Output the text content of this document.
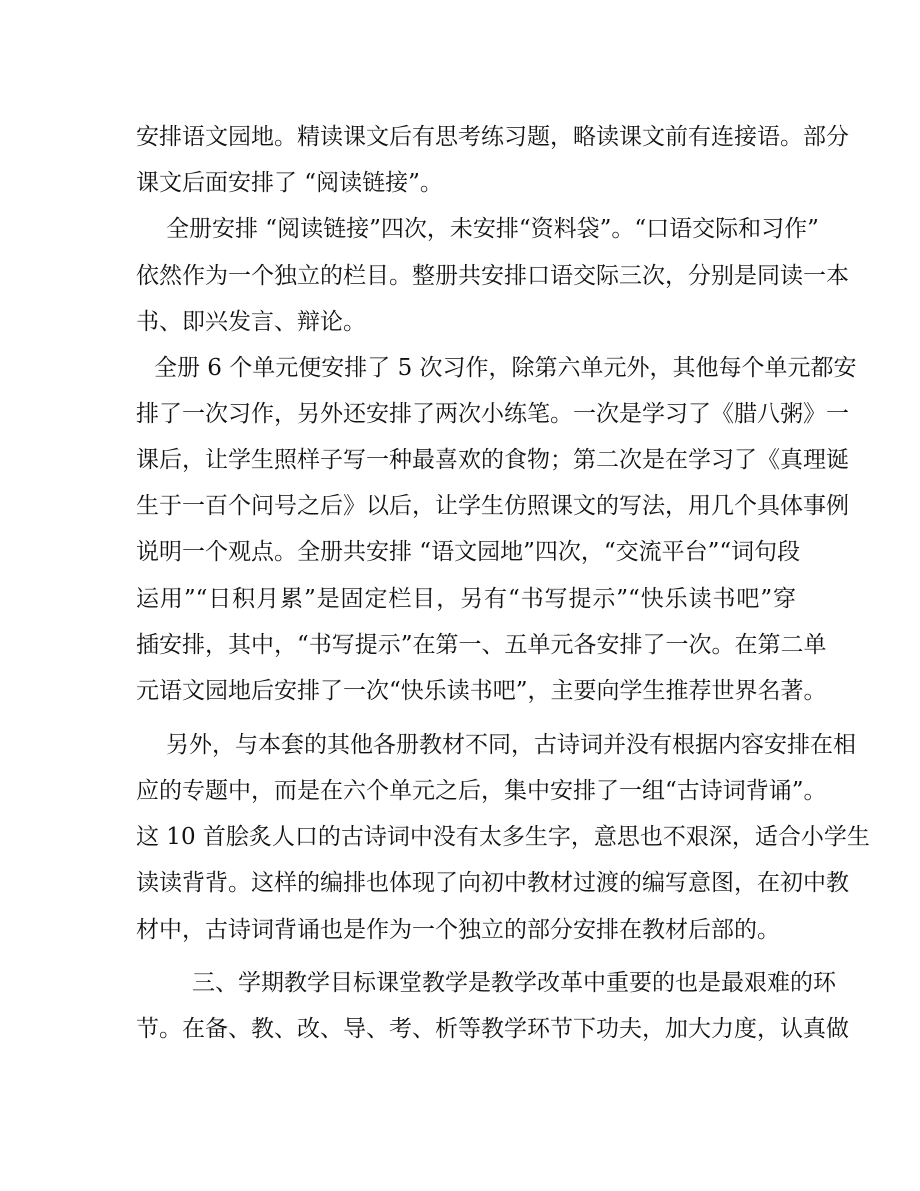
安排语文园地。精读课文后有思考练习题，略读课文前有连接语。部分
课文后面安排了 “阅读链接”。
全册安排 “阅读链接”四次，未安排“资料袋”。“口语交际和习作”
依然作为一个独立的栏目。整册共安排口语交际三次，分别是同读一本
书、即兴发言、辩论。
全册 6 个单元便安排了 5 次习作，除第六单元外，其他每个单元都安
排了一次习作，另外还安排了两次小练笔。一次是学习了《腊八粥》一
课后，让学生照样子写一种最喜欢的食物；第二次是在学习了《真理诞
生于一百个问号之后》以后，让学生仿照课文的写法，用几个具体事例
说明一个观点。全册共安排 “语文园地”四次，“交流平台”“词句段
运用”“日积月累”是固定栏目，另有“书写提示”“快乐读书吧”穿
插安排，其中，“书写提示”在第一、五单元各安排了一次。在第二单
元语文园地后安排了一次“快乐读书吧”，主要向学生推荐世界名著。
另外，与本套的其他各册教材不同，古诗词并没有根据内容安排在相
应的专题中，而是在六个单元之后，集中安排了一组“古诗词背诵”。
这 10 首脍炙人口的古诗词中没有太多生字，意思也不艰深，适合小学生
读读背背。这样的编排也体现了向初中教材过渡的编写意图，在初中教
材中，古诗词背诵也是作为一个独立的部分安排在教材后部的。
三、学期教学目标课堂教学是教学改革中重要的也是最艰难的环
节。在备、教、改、导、考、析等教学环节下功夫，加大力度，认真做
